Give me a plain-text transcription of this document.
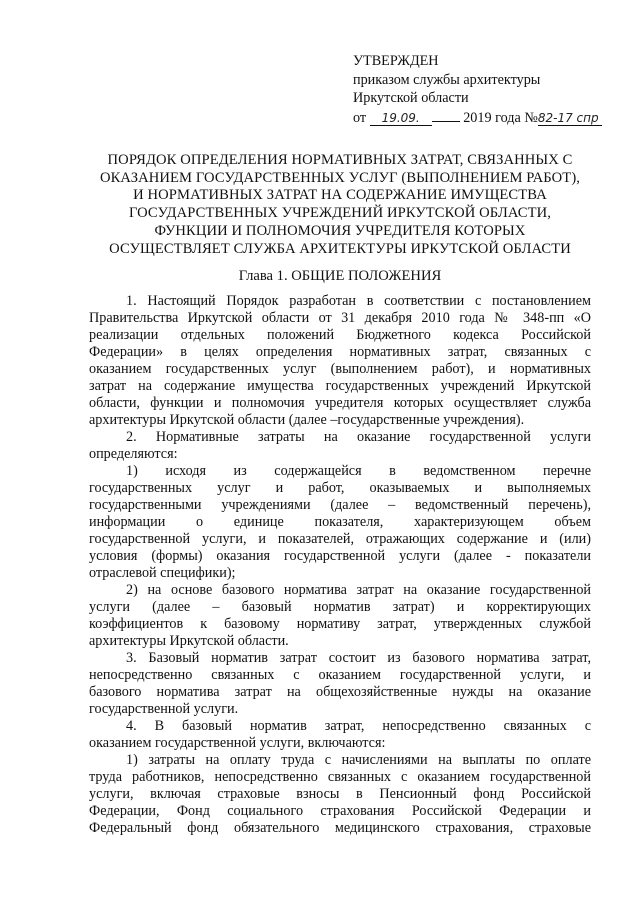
УТВЕРЖДЕН
приказом службы архитектуры
Иркутской области
от 19.09.	2019 года №82-17 спр
ПОРЯДОК ОПРЕДЕЛЕНИЯ НОРМАТИВНЫХ ЗАТРАТ, СВЯЗАННЫХ С
ОКАЗАНИЕМ ГОСУДАРСТВЕННЫХ УСЛУГ (ВЫПОЛНЕНИЕМ РАБОТ),
И НОРМАТИВНЫХ ЗАТРАТ НА СОДЕРЖАНИЕ ИМУЩЕСТВА
ГОСУДАРСТВЕННЫХ УЧРЕЖДЕНИЙ ИРКУТСКОЙ ОБЛАСТИ,
ФУНКЦИИ И ПОЛНОМОЧИЯ УЧРЕДИТЕЛЯ КОТОРЫХ
ОСУЩЕСТВЛЯЕТ СЛУЖБА АРХИТЕКТУРЫ ИРКУТСКОЙ ОБЛАСТИ
Глава 1. ОБЩИЕ ПОЛОЖЕНИЯ
1. Настоящий Порядок разработан в соответствии с постановлением
Правительства Иркутской области от 31 декабря 2010 года № 348-пп «О
реализации отдельных положений Бюджетного кодекса Российской
Федерации» в целях определения нормативных затрат, связанных с
оказанием государственных услуг (выполнением работ), и нормативных
затрат на содержание имущества государственных учреждений Иркутской
области, функции и полномочия учредителя которых осуществляет служба
архитектуры Иркутской области (далее –государственные учреждения).
2. Нормативные затраты на оказание государственной услуги
определяются:
1) исходя из содержащейся в ведомственном перечне
государственных услуг и работ, оказываемых и выполняемых
государственными учреждениями (далее – ведомственный перечень),
информации о единице показателя, характеризующем объем
государственной услуги, и показателей, отражающих содержание и (или)
условия (формы) оказания государственной услуги (далее - показатели
отраслевой специфики);
2) на основе базового норматива затрат на оказание государственной
услуги (далее – базовый норматив затрат) и корректирующих
коэффициентов к базовому нормативу затрат, утвержденных службой
архитектуры Иркутской области.
3. Базовый норматив затрат состоит из базового норматива затрат,
непосредственно связанных с оказанием государственной услуги, и
базового норматива затрат на общехозяйственные нужды на оказание
государственной услуги.
4. В базовый норматив затрат, непосредственно связанных с
оказанием государственной услуги, включаются:
1) затраты на оплату труда с начислениями на выплаты по оплате
труда работников, непосредственно связанных с оказанием государственной
услуги, включая страховые взносы в Пенсионный фонд Российской
Федерации, Фонд социального страхования Российской Федерации и
Федеральный фонд обязательного медицинского страхования, страховые
